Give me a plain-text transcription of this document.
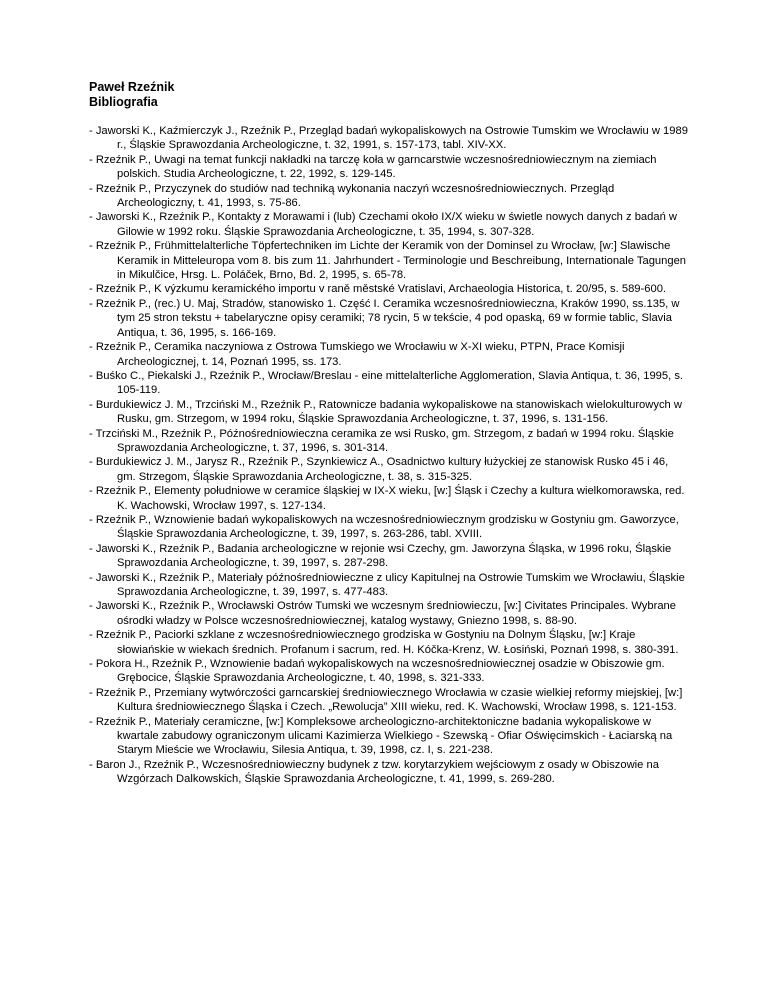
Paweł Rzeźnik
Bibliografia
- Jaworski K., Kaźmierczyk J., Rzeźnik P., Przegląd badań wykopaliskowych na Ostrowie Tumskim we Wrocławiu w 1989 r., Śląskie Sprawozdania Archeologiczne, t. 32, 1991, s. 157-173, tabl. XIV-XX.
- Rzeźnik P., Uwagi na temat funkcji nakładki na tarczę koła w garncarstwie wczesnośredniowiecznym na ziemiach polskich. Studia Archeologiczne, t. 22, 1992, s. 129-145.
- Rzeźnik P., Przyczynek do studiów nad techniką wykonania naczyń wczesnośredniowiecznych. Przegląd Archeologiczny, t. 41, 1993, s. 75-86.
- Jaworski K., Rzeźnik P., Kontakty z Morawami i (lub) Czechami około IX/X wieku w świetle nowych danych z badań w Gilowie w 1992 roku. Śląskie Sprawozdania Archeologiczne, t. 35, 1994, s. 307-328.
- Rzeźnik P., Frühmittelalterliche Töpfertechniken im Lichte der Keramik von der Dominsel zu Wrocław, [w:] Slawische Keramik in Mitteleuropa vom 8. bis zum 11. Jahrhundert - Terminologie und Beschreibung, Internationale Tagungen in Mikulčice, Hrsg. L. Poláček, Brno, Bd. 2, 1995, s. 65-78.
- Rzeźnik P., K výzkumu keramického importu v raně městské Vratislavi, Archaeologia Historica, t. 20/95, s. 589-600.
- Rzeźnik P., (rec.) U. Maj, Stradów, stanowisko 1. Część I. Ceramika wczesnośredniowieczna, Kraków 1990, ss.135, w tym 25 stron tekstu + tabelaryczne opisy ceramiki; 78 rycin, 5 w tekście, 4 pod opaską, 69 w formie tablic, Slavia Antiqua, t. 36, 1995, s. 166-169.
- Rzeźnik P., Ceramika naczyniowa z Ostrowa Tumskiego we Wrocławiu w X-XI wieku, PTPN, Prace Komisji Archeologicznej, t. 14, Poznań 1995, ss. 173.
- Buśko C., Piekalski J., Rzeźnik P., Wrocław/Breslau - eine mittelalterliche Agglomeration, Slavia Antiqua, t. 36, 1995, s. 105-119.
- Burdukiewicz J. M., Trzciński M., Rzeźnik P., Ratownicze badania wykopaliskowe na stanowiskach wielokulturowych w Rusku, gm. Strzegom, w 1994 roku, Śląskie Sprawozdania Archeologiczne, t. 37, 1996, s. 131-156.
- Trzciński M., Rzeźnik P., Późnośredniowieczna ceramika ze wsi Rusko, gm. Strzegom, z badań w 1994 roku. Śląskie Sprawozdania Archeologiczne, t. 37, 1996, s. 301-314.
- Burdukiewicz J. M., Jarysz R., Rzeźnik P., Szynkiewicz A., Osadnictwo kultury łużyckiej ze stanowisk Rusko 45 i 46, gm. Strzegom, Śląskie Sprawozdania Archeologiczne, t. 38, s. 315-325.
- Rzeźnik P., Elementy południowe w ceramice śląskiej w IX-X wieku, [w:] Śląsk i Czechy a kultura wielkomorawska, red. K. Wachowski, Wrocław 1997, s. 127-134.
- Rzeźnik P., Wznowienie badań wykopaliskowych na wczesnośredniowiecznym grodzisku w Gostyniu gm. Gaworzyce, Śląskie Sprawozdania Archeologiczne, t. 39, 1997, s. 263-286, tabl. XVIII.
- Jaworski K., Rzeźnik P., Badania archeologiczne w rejonie wsi Czechy, gm. Jaworzyna Śląska, w 1996 roku, Śląskie Sprawozdania Archeologiczne, t. 39, 1997, s. 287-298.
- Jaworski K., Rzeźnik P., Materiały późnośredniowieczne z ulicy Kapitulnej na Ostrowie Tumskim we Wrocławiu, Śląskie Sprawozdania Archeologiczne, t. 39, 1997, s. 477-483.
- Jaworski K., Rzeźnik P., Wrocławski Ostrów Tumski we wczesnym średniowieczu, [w:] Civitates Principales. Wybrane ośrodki władzy w Polsce wczesnośredniowiecznej, katalog wystawy, Gniezno 1998, s. 88-90.
- Rzeźnik P., Paciorki szklane z wczesnośredniowiecznego grodziska w Gostyniu na Dolnym Śląsku, [w:] Kraje słowiańskie w wiekach średnich. Profanum i sacrum, red. H. Kóčka-Krenz, W. Łosiński, Poznań 1998, s. 380-391.
- Pokora H., Rzeźnik P., Wznowienie badań wykopaliskowych na wczesnośredniowiecznej osadzie w Obiszowie gm. Grębocice, Śląskie Sprawozdania Archeologiczne, t. 40, 1998, s. 321-333.
- Rzeźnik P., Przemiany wytwórczości garncarskiej średniowiecznego Wrocławia w czasie wielkiej reformy miejskiej, [w:] Kultura średniowiecznego Śląska i Czech. „Rewolucja” XIII wieku, red. K. Wachowski, Wrocław 1998, s. 121-153.
- Rzeźnik P., Materiały ceramiczne, [w:] Kompleksowe archeologiczno-architektoniczne badania wykopaliskowe w kwartale zabudowy ograniczonym ulicami Kazimierza Wielkiego - Szewską - Ofiar Oświęcimskich - Łaciarską na Starym Mieście we Wrocławiu, Silesia Antiqua, t. 39, 1998, cz. I, s. 221-238.
- Baron J., Rzeźnik P., Wczesnośredniowieczny budynek z tzw. korytarzykiem wejściowym z osady w Obiszowie na Wzgórzach Dalkowskich, Śląskie Sprawozdania Archeologiczne, t. 41, 1999, s. 269-280.
